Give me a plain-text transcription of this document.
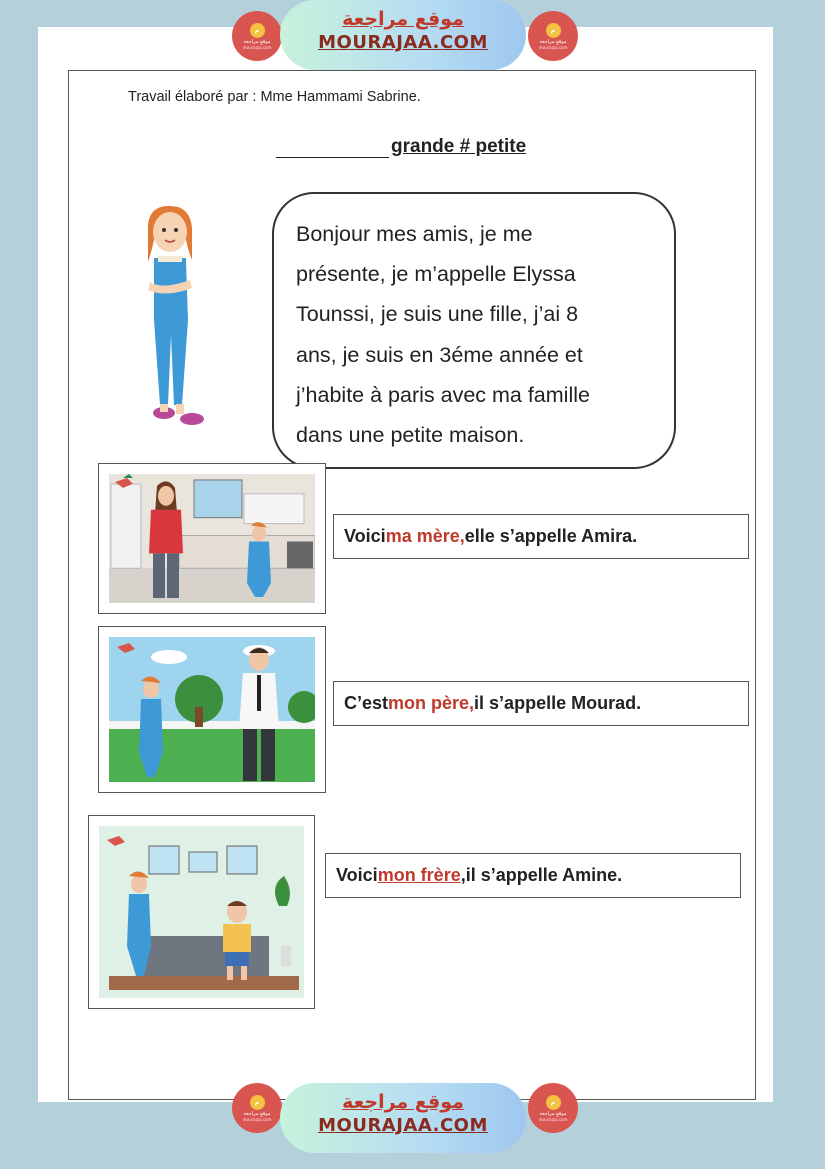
م
موقع مراجعة
mourajaa.com
موقع مراجعة
MOURAJAA.COM
م
موقع مراجعة
mourajaa.com
Travail élaboré par : Mme Hammami Sabrine.
grande # petite
Bonjour mes amis, je me
présente, je m’appelle Elyssa
Tounssi, je suis une fille, j’ai 8
ans, je suis en 3éme année et
j’habite à paris avec ma famille
dans une petite maison.
Voici ma mère, elle s’appelle Amira.
C’est mon père, il s’appelle Mourad.
Voici mon frère ,il s’appelle Amine.
م
موقع مراجعة
mourajaa.com
موقع مراجعة
MOURAJAA.COM
م
موقع مراجعة
mourajaa.com
